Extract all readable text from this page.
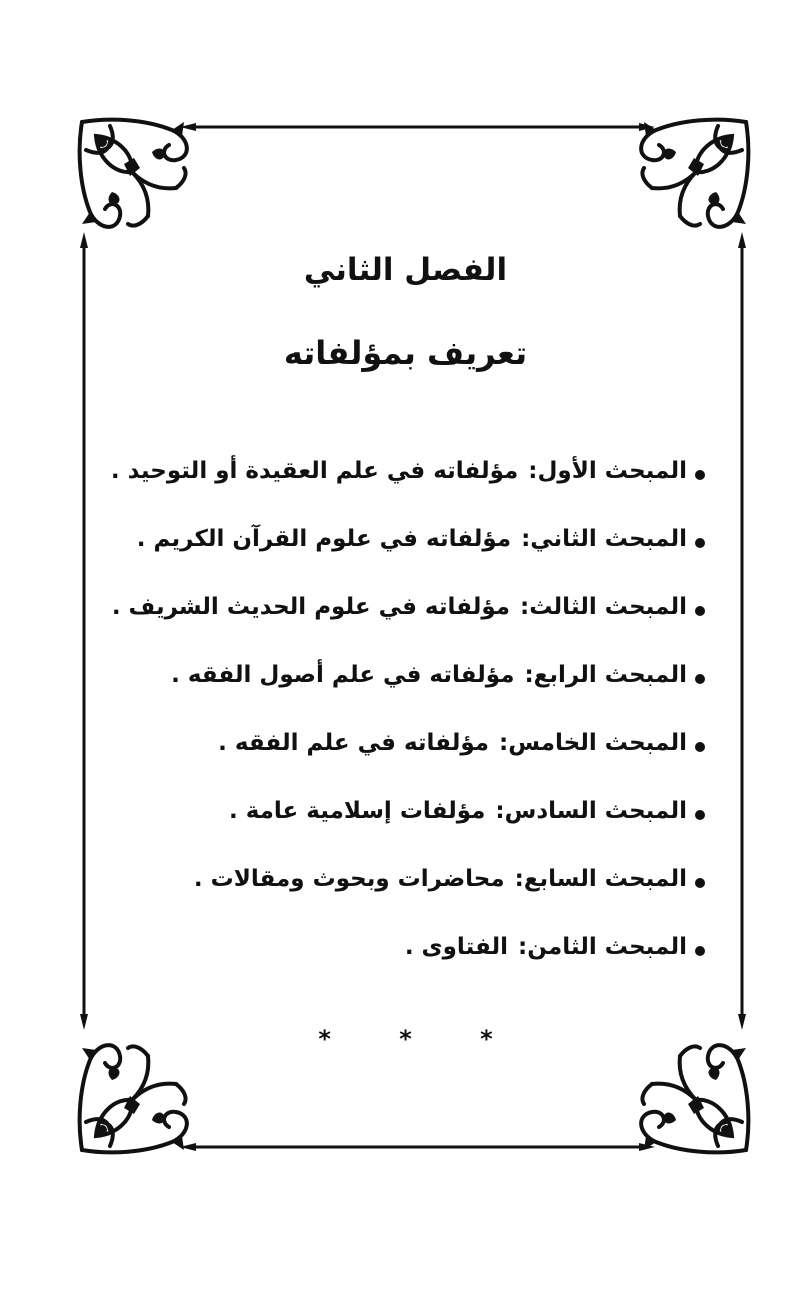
الفصل الثاني
تعريف بمؤلفاته
المبحث الأول
:
مؤلفاته في علم العقيدة أو التوحيد .
المبحث الثاني
:
مؤلفاته في علوم القرآن الكريم .
المبحث الثالث
:
مؤلفاته في علوم الحديث الشريف .
المبحث الرابع
:
مؤلفاته في علم أصول الفقه .
المبحث الخامس
:
مؤلفاته في علم الفقه .
المبحث السادس
:
مؤلفات إسلامية عامة .
المبحث السابع
:
محاضرات وبحوث ومقالات .
المبحث الثامن
:
الفتاوى .
* * *
